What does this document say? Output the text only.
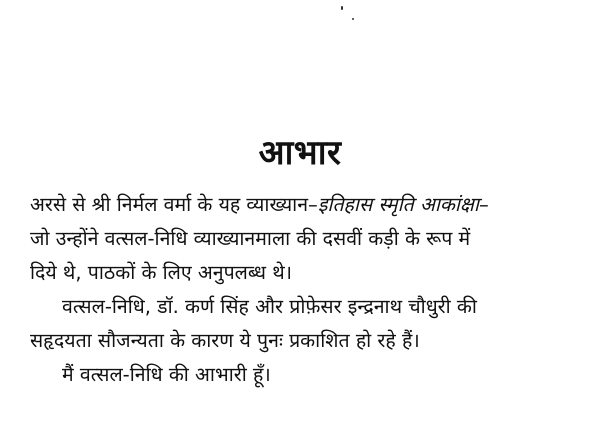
आभार

अरसे से श्री निर्मल वर्मा के यह व्याख्यान–इतिहास स्मृति आकांक्षा–
जो उन्होंने वत्सल-निधि व्याख्यानमाला की दसवीं कड़ी के रूप में
दिये थे, पाठकों के लिए अनुपलब्ध थे।

वत्सल-निधि, डॉ. कर्ण सिंह और प्रोफ़ेसर इन्द्रनाथ चौधुरी की

सहृदयता सौजन्यता के कारण ये पुनः प्रकाशित हो रहे हैं।

मैं वत्सल-निधि की आभारी हूँ।
